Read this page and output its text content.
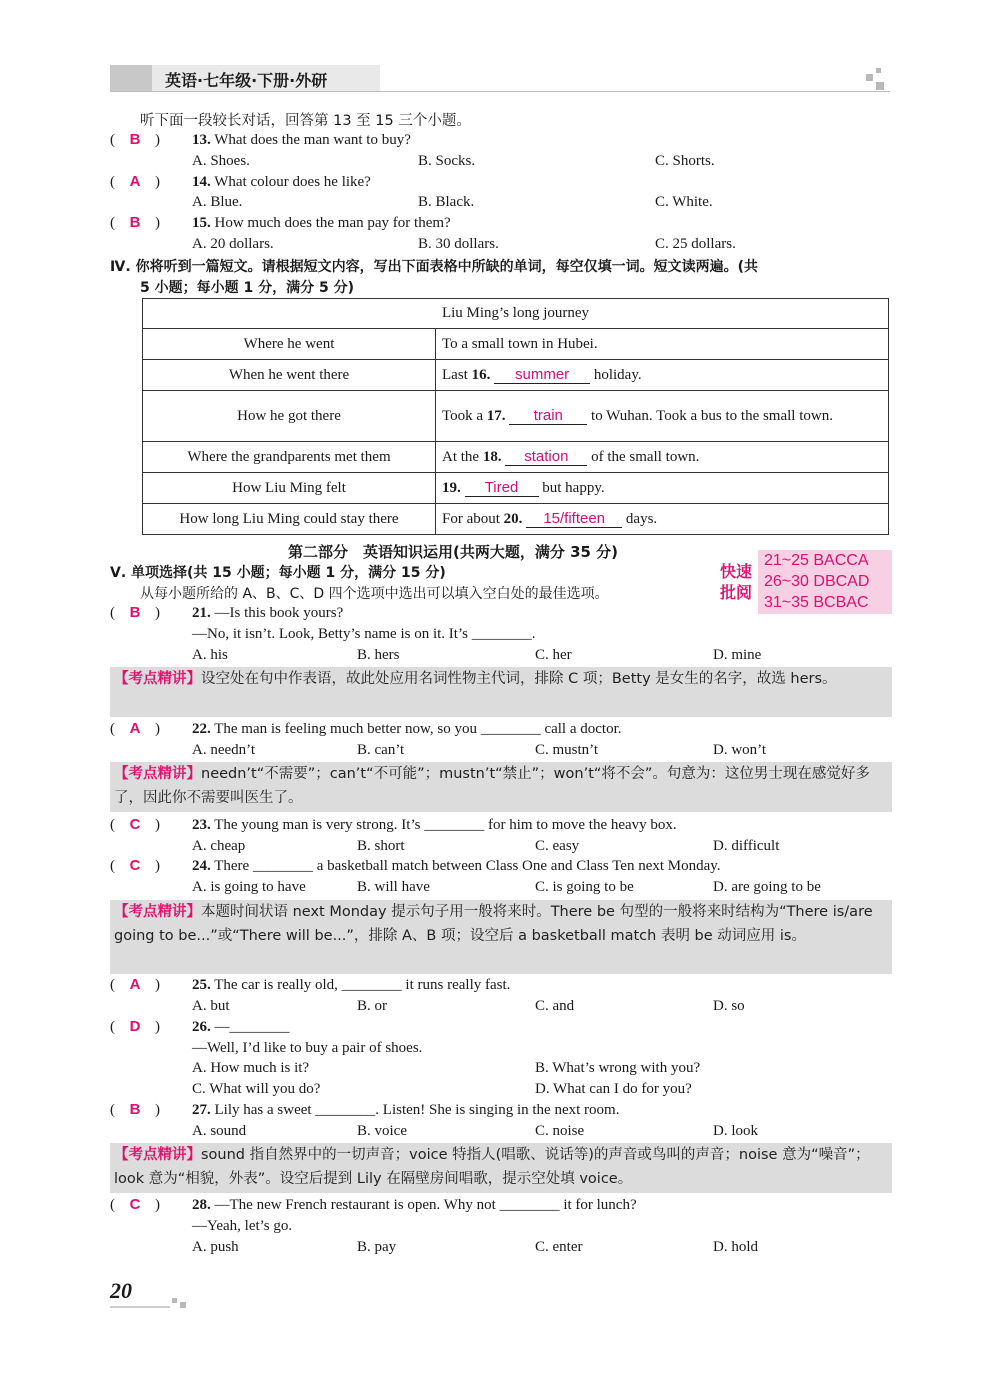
英语·七年级·下册·外研
听下面一段较长对话，回答第 13 至 15 三个小题。
( B ) 13. What does the man want to buy?
A. Shoes.	B. Socks.	C. Shorts.
( A ) 14. What colour does he like?
A. Blue.	B. Black.	C. White.
( B ) 15. How much does the man pay for them?
A. 20 dollars.	B. 30 dollars.	C. 25 dollars.
Ⅳ. 你将听到一篇短文。请根据短文内容，写出下面表格中所缺的单词，每空仅填一词。短文读两遍。(共
5 小题；每小题 1 分，满分 5 分)
Liu Ming’s long journey	
Where he went	To a small town in Hubei.
When he went there	Last 16. summer holiday.
How he got there	Took a 17. train to Wuhan. Took a bus to the small town.
Where the grandparents met them	At the 18. station of the small town.
How Liu Ming felt	19. Tired but happy.
How long Liu Ming could stay there	For about 20. 15/fifteen days.
第二部分　英语知识运用(共两大题，满分 35 分)
Ⅴ. 单项选择(共 15 小题；每小题 1 分，满分 15 分)
从每小题所给的 A、B、C、D 四个选项中选出可以填入空白处的最佳选项。
快速
批阅
21~25 BACCA
26~30 DBCAD
31~35 BCBAC
( B ) 21. —Is this book yours?
—No, it isn’t. Look, Betty’s name is on it. It’s ________.
A. his	B. hers	C. her	D. mine
【考点精讲】设空处在句中作表语，故此处应用名词性物主代词，排除 C 项；Betty 是女生的名字，故选 hers。
( A ) 22. The man is feeling much better now, so you ________ call a doctor.
A. needn’t	B. can’t	C. mustn’t	D. won’t
【考点精讲】needn’t“不需要”；can’t“不可能”；mustn’t“禁止”；won’t“将不会”。句意为：这位男士现在感觉好多了，因此你不需要叫医生了。
( C ) 23. The young man is very strong. It’s ________ for him to move the heavy box.
A. cheap	B. short	C. easy	D. difficult
( C ) 24. There ________ a basketball match between Class One and Class Ten next Monday.
A. is going to have	B. will have	C. is going to be	D. are going to be
【考点精讲】本题时间状语 next Monday 提示句子用一般将来时。There be 句型的一般将来时结构为“There is/are going to be...”或“There will be...”，排除 A、B 项；设空后 a basketball match 表明 be 动词应用 is。
( A ) 25. The car is really old, ________ it runs really fast.
A. but	B. or	C. and	D. so
( D ) 26. —________
—Well, I’d like to buy a pair of shoes.
A. How much is it?	B. What’s wrong with you?
C. What will you do?	D. What can I do for you?
( B ) 27. Lily has a sweet ________. Listen! She is singing in the next room.
A. sound	B. voice	C. noise	D. look
【考点精讲】sound 指自然界中的一切声音；voice 特指人(唱歌、说话等)的声音或鸟叫的声音；noise 意为“噪音”；look 意为“相貌，外表”。设空后提到 Lily 在隔壁房间唱歌，提示空处填 voice。
( C ) 28. —The new French restaurant is open. Why not ________ it for lunch?
—Yeah, let’s go.
A. push	B. pay	C. enter	D. hold
20
